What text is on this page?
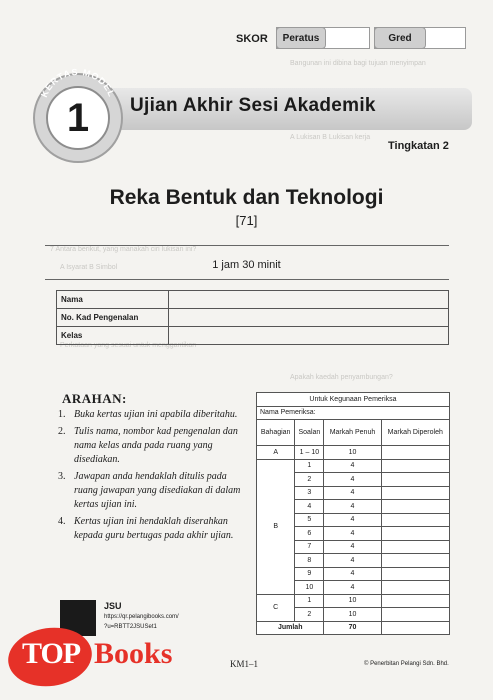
Bangunan ini dibina bagi tujuan menyimpan
A Lukisan B Lukisan kerja
7 Antara berikut, yang manakah ciri lukisan ini?
A Isyarat B Simbol
Perkataan yang sesuai untuk menggantikan
Apakah kaedah penyambungan?
SKOR	Peratus	Gred
KERTAS MODEL
1 Ujian Akhir Sesi Akademik
Tingkatan 2
Reka Bentuk dan Teknologi
[71]
1 jam 30 minit
Nama	
No. Kad Pengenalan	
Kelas	
ARAHAN:
1. Buka kertas ujian ini apabila diberitahu.
2. Tulis nama, nombor kad pengenalan dan nama kelas anda pada ruang yang disediakan.
3. Jawapan anda hendaklah ditulis pada ruang jawapan yang disediakan di dalam kertas ujian ini.
4. Kertas ujian ini hendaklah diserahkan kepada guru bertugas pada akhir ujian.
Untuk Kegunaan Pemeriksa			
Nama Pemeriksa:			
Bahagian	Soalan	Markah Penuh	Markah Diperoleh
A	1 – 10	10	
B	1	4	
	2	4	
	3	4	
	4	4	
	5	4	
	6	4	
	7	4	
	8	4	
	9	4	
	10	4	
C	1	10	
	2	10	
Jumlah		70	
JSU
https://qr.pelangibooks.com/
?u=RBTT2JSUSet1
TOP Books	KM1–1	© Penerbitan Pelangi Sdn. Bhd.
